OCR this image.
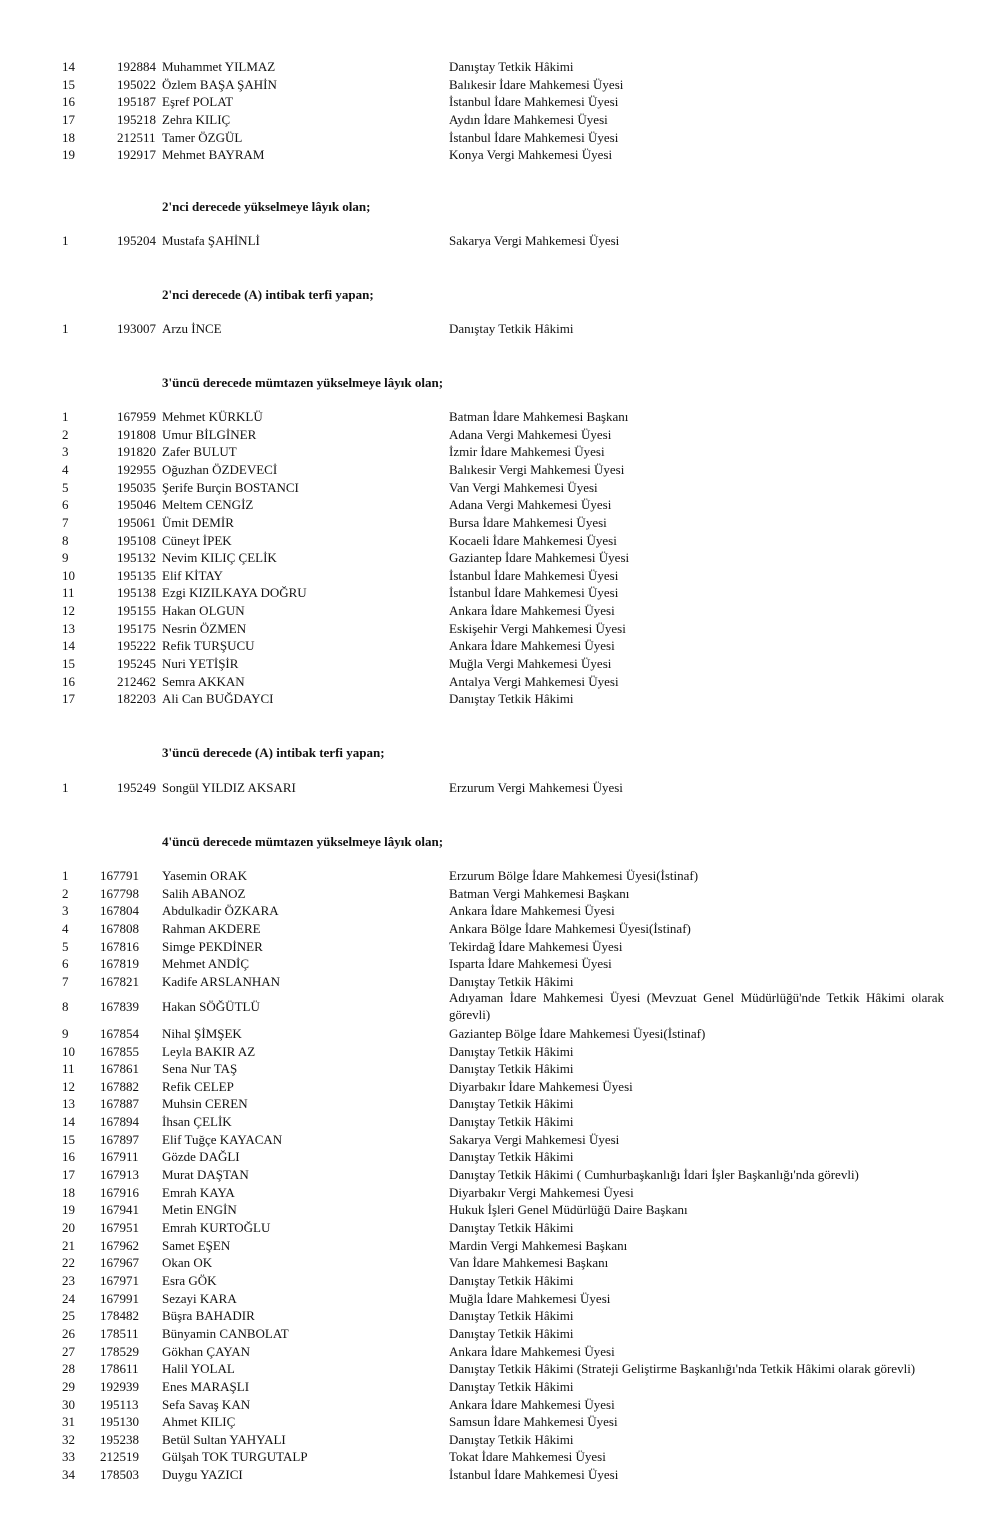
14	192884 Muhammet YILMAZ	Danıştay Tetkik Hâkimi
15	195022 Özlem BAŞA ŞAHİN	Balıkesir İdare Mahkemesi Üyesi
16	195187 Eşref POLAT	İstanbul İdare Mahkemesi Üyesi
17	195218 Zehra KILIÇ	Aydın İdare Mahkemesi Üyesi
18	212511 Tamer ÖZGÜL	İstanbul İdare Mahkemesi Üyesi
19	192917 Mehmet BAYRAM	Konya Vergi Mahkemesi Üyesi
2'nci derecede yükselmeye lâyık olan;
1	195204 Mustafa ŞAHİNLİ	Sakarya Vergi Mahkemesi Üyesi
2'nci derecede (A) intibak terfi yapan;
1	193007 Arzu İNCE	Danıştay Tetkik Hâkimi
3'üncü derecede mümtazen yükselmeye lâyık olan;
1	167959 Mehmet KÜRKLÜ	Batman İdare Mahkemesi Başkanı
2	191808 Umur BİLGİNER	Adana Vergi Mahkemesi Üyesi
3	191820 Zafer BULUT	İzmir İdare Mahkemesi Üyesi
4	192955 Oğuzhan ÖZDEVECİ	Balıkesir Vergi Mahkemesi Üyesi
5	195035 Şerife Burçin BOSTANCI	Van Vergi Mahkemesi Üyesi
6	195046 Meltem CENGİZ	Adana Vergi Mahkemesi Üyesi
7	195061 Ümit DEMİR	Bursa İdare Mahkemesi Üyesi
8	195108 Cüneyt İPEK	Kocaeli İdare Mahkemesi Üyesi
9	195132 Nevim KILIÇ ÇELİK	Gaziantep İdare Mahkemesi Üyesi
10	195135 Elif KİTAY	İstanbul İdare Mahkemesi Üyesi
11	195138 Ezgi KIZILKAYA DOĞRU	İstanbul İdare Mahkemesi Üyesi
12	195155 Hakan OLGUN	Ankara İdare Mahkemesi Üyesi
13	195175 Nesrin ÖZMEN	Eskişehir Vergi Mahkemesi Üyesi
14	195222 Refik TURŞUCU	Ankara İdare Mahkemesi Üyesi
15	195245 Nuri YETİŞİR	Muğla Vergi Mahkemesi Üyesi
16	212462 Semra AKKAN	Antalya Vergi Mahkemesi Üyesi
17	182203 Ali Can BUĞDAYCI	Danıştay Tetkik Hâkimi
3'üncü derecede (A) intibak terfi yapan;
1	195249 Songül YILDIZ AKSARI	Erzurum Vergi Mahkemesi Üyesi
4'üncü derecede mümtazen yükselmeye lâyık olan;
1	167791 Yasemin ORAK	Erzurum Bölge İdare Mahkemesi Üyesi(İstinaf)
2	167798 Salih ABANOZ	Batman Vergi Mahkemesi Başkanı
3	167804 Abdulkadir ÖZKARA	Ankara İdare Mahkemesi Üyesi
4	167808 Rahman AKDERE	Ankara Bölge İdare Mahkemesi Üyesi(İstinaf)
5	167816 Simge PEKDİNER	Tekirdağ İdare Mahkemesi Üyesi
6	167819 Mehmet ANDİÇ	Isparta İdare Mahkemesi Üyesi
7	167821 Kadife ARSLANHAN	Danıştay Tetkik Hâkimi
8	167839 Hakan SÖĞÜTLÜ
Adıyaman İdare Mahkemesi Üyesi (Mevzuat Genel Müdürlüğü'nde Tetkik Hâkimi olarak görevli)
9	167854 Nihal ŞİMŞEK	Gaziantep Bölge İdare Mahkemesi Üyesi(İstinaf)
10	167855 Leyla BAKIR AZ	Danıştay Tetkik Hâkimi
11	167861 Sena Nur TAŞ	Danıştay Tetkik Hâkimi
12	167882 Refik CELEP	Diyarbakır İdare Mahkemesi Üyesi
13	167887 Muhsin CEREN	Danıştay Tetkik Hâkimi
14	167894 İhsan ÇELİK	Danıştay Tetkik Hâkimi
15	167897 Elif Tuğçe KAYACAN	Sakarya Vergi Mahkemesi Üyesi
16	167911 Gözde DAĞLI	Danıştay Tetkik Hâkimi
17	167913 Murat DAŞTAN	Danıştay Tetkik Hâkimi ( Cumhurbaşkanlığı İdari İşler Başkanlığı'nda görevli)
18	167916 Emrah KAYA	Diyarbakır Vergi Mahkemesi Üyesi
19	167941 Metin ENGİN	Hukuk İşleri Genel Müdürlüğü Daire Başkanı
20	167951 Emrah KURTOĞLU	Danıştay Tetkik Hâkimi
21	167962 Samet EŞEN	Mardin Vergi Mahkemesi Başkanı
22	167967 Okan OK	Van İdare Mahkemesi Başkanı
23	167971 Esra GÖK	Danıştay Tetkik Hâkimi
24	167991 Sezayi KARA	Muğla İdare Mahkemesi Üyesi
25	178482 Büşra BAHADIR	Danıştay Tetkik Hâkimi
26	178511 Bünyamin CANBOLAT	Danıştay Tetkik Hâkimi
27	178529 Gökhan ÇAYAN	Ankara İdare Mahkemesi Üyesi
28	178611 Halil YOLAL	Danıştay Tetkik Hâkimi (Strateji Geliştirme Başkanlığı'nda Tetkik Hâkimi olarak görevli)
29	192939 Enes MARAŞLI	Danıştay Tetkik Hâkimi
30	195113 Sefa Savaş KAN	Ankara İdare Mahkemesi Üyesi
31	195130 Ahmet KILIÇ	Samsun İdare Mahkemesi Üyesi
32	195238 Betül Sultan YAHYALI	Danıştay Tetkik Hâkimi
33	212519 Gülşah TOK TURGUTALP	Tokat İdare Mahkemesi Üyesi
34	178503 Duygu YAZICI	İstanbul İdare Mahkemesi Üyesi
